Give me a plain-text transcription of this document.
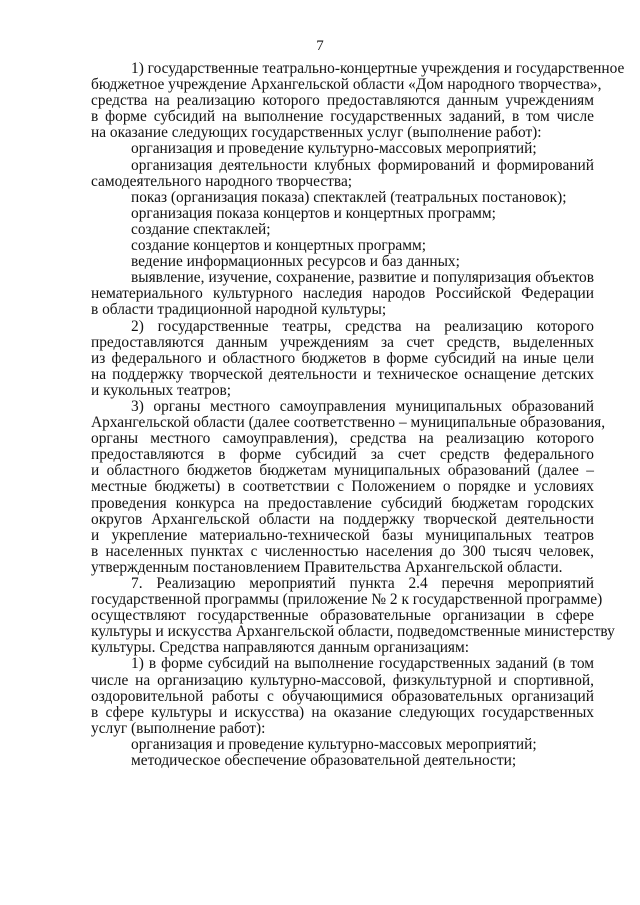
7
1) государственные театрально-концертные учреждения и государственное
бюджетное учреждение Архангельской области «Дом народного творчества»,
средства на реализацию которого предоставляются данным учреждениям
в форме субсидий на выполнение государственных заданий, в том числе
на оказание следующих государственных услуг (выполнение работ):
организация и проведение культурно-массовых мероприятий;
организация деятельности клубных формирований и формирований
самодеятельного народного творчества;
показ (организация показа) спектаклей (театральных постановок);
организация показа концертов и концертных программ;
создание спектаклей;
создание концертов и концертных программ;
ведение информационных ресурсов и баз данных;
выявление, изучение, сохранение, развитие и популяризация объектов
нематериального культурного наследия народов Российской Федерации
в области традиционной народной культуры;
2) государственные театры, средства на реализацию которого
предоставляются данным учреждениям за счет средств, выделенных
из федерального и областного бюджетов в форме субсидий на иные цели
на поддержку творческой деятельности и техническое оснащение детских
и кукольных театров;
3) органы местного самоуправления муниципальных образований
Архангельской области (далее соответственно – муниципальные образования,
органы местного самоуправления), средства на реализацию которого
предоставляются в форме субсидий за счет средств федерального
и областного бюджетов бюджетам муниципальных образований (далее –
местные бюджеты) в соответствии с Положением о порядке и условиях
проведения конкурса на предоставление субсидий бюджетам городских
округов Архангельской области на поддержку творческой деятельности
и укрепление материально-технической базы муниципальных театров
в населенных пунктах с численностью населения до 300 тысяч человек,
утвержденным постановлением Правительства Архангельской области.
7. Реализацию мероприятий пункта 2.4 перечня мероприятий
государственной программы (приложение № 2 к государственной программе)
осуществляют государственные образовательные организации в сфере
культуры и искусства Архангельской области, подведомственные министерству
культуры. Средства направляются данным организациям:
1) в форме субсидий на выполнение государственных заданий (в том
числе на организацию культурно-массовой, физкультурной и спортивной,
оздоровительной работы с обучающимися образовательных организаций
в сфере культуры и искусства) на оказание следующих государственных
услуг (выполнение работ):
организация и проведение культурно-массовых мероприятий;
методическое обеспечение образовательной деятельности;
